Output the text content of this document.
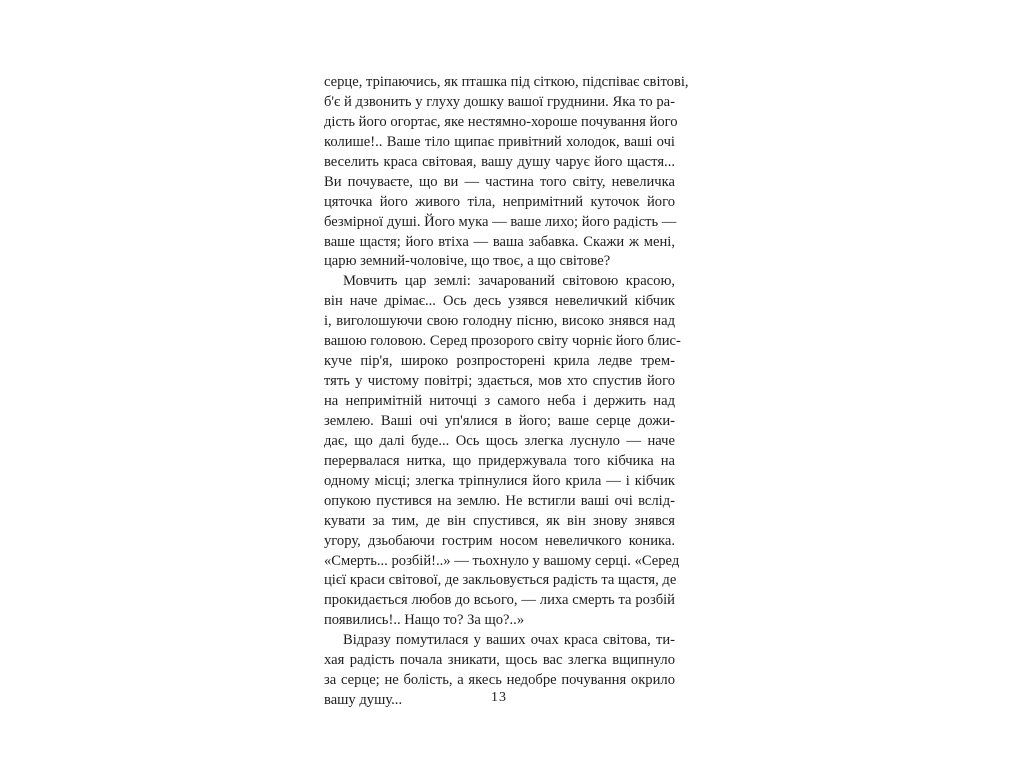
серце, тріпаючись, як пташка під сіткою, підспіває світові,
б'є й дзвонить у глуху дошку вашої груднини. Яка то ра-
дість його огортає, яке нестямно-хороше почування його
колише!.. Ваше тіло щипає привітний холодок, ваші очі
веселить краса світовая, вашу душу чарує його щастя...
Ви почуваєте, що ви — частина того світу, невеличка
цяточка його живого тіла, непримітний куточок його
безмірної душі. Його мука — ваше лихо; його радість —
ваше щастя; його втіха — ваша забавка. Скажи ж мені,
царю земний-чоловіче, що твоє, а що світове?
Мовчить цар землі: зачарований світовою красою,
він наче дрімає... Ось десь узявся невеличкий кібчик
і, виголошуючи свою голодну пісню, високо знявся над
вашою головою. Серед прозорого світу чорніє його блис-
куче пір'я, широко розпросторені крила ледве трем-
тять у чистому повітрі; здається, мов хто спустив його
на непримітній ниточці з самого неба і держить над
землею. Ваші очі уп'ялися в його; ваше серце дожи-
дає, що далі буде... Ось щось злегка луснуло — наче
перервалася нитка, що придержувала того кібчика на
одному місці; злегка тріпнулися його крила — і кібчик
опукою пустився на землю. Не встигли ваші очі вслід-
кувати за тим, де він спустився, як він знову знявся
угору, дзьобаючи гострим носом невеличкого коника.
«Смерть... розбій!..» — тьохнуло у вашому серці. «Серед
цієї краси світової, де закльовується радість та щастя, де
прокидається любов до всього, — лиха смерть та розбій
появились!.. Нащо то? За що?..»
Відразу помутилася у ваших очах краса світова, ти-
хая радість почала зникати, щось вас злегка вщипнуло
за серце; не болість, а якесь недобре почування окрило
вашу душу...	13
